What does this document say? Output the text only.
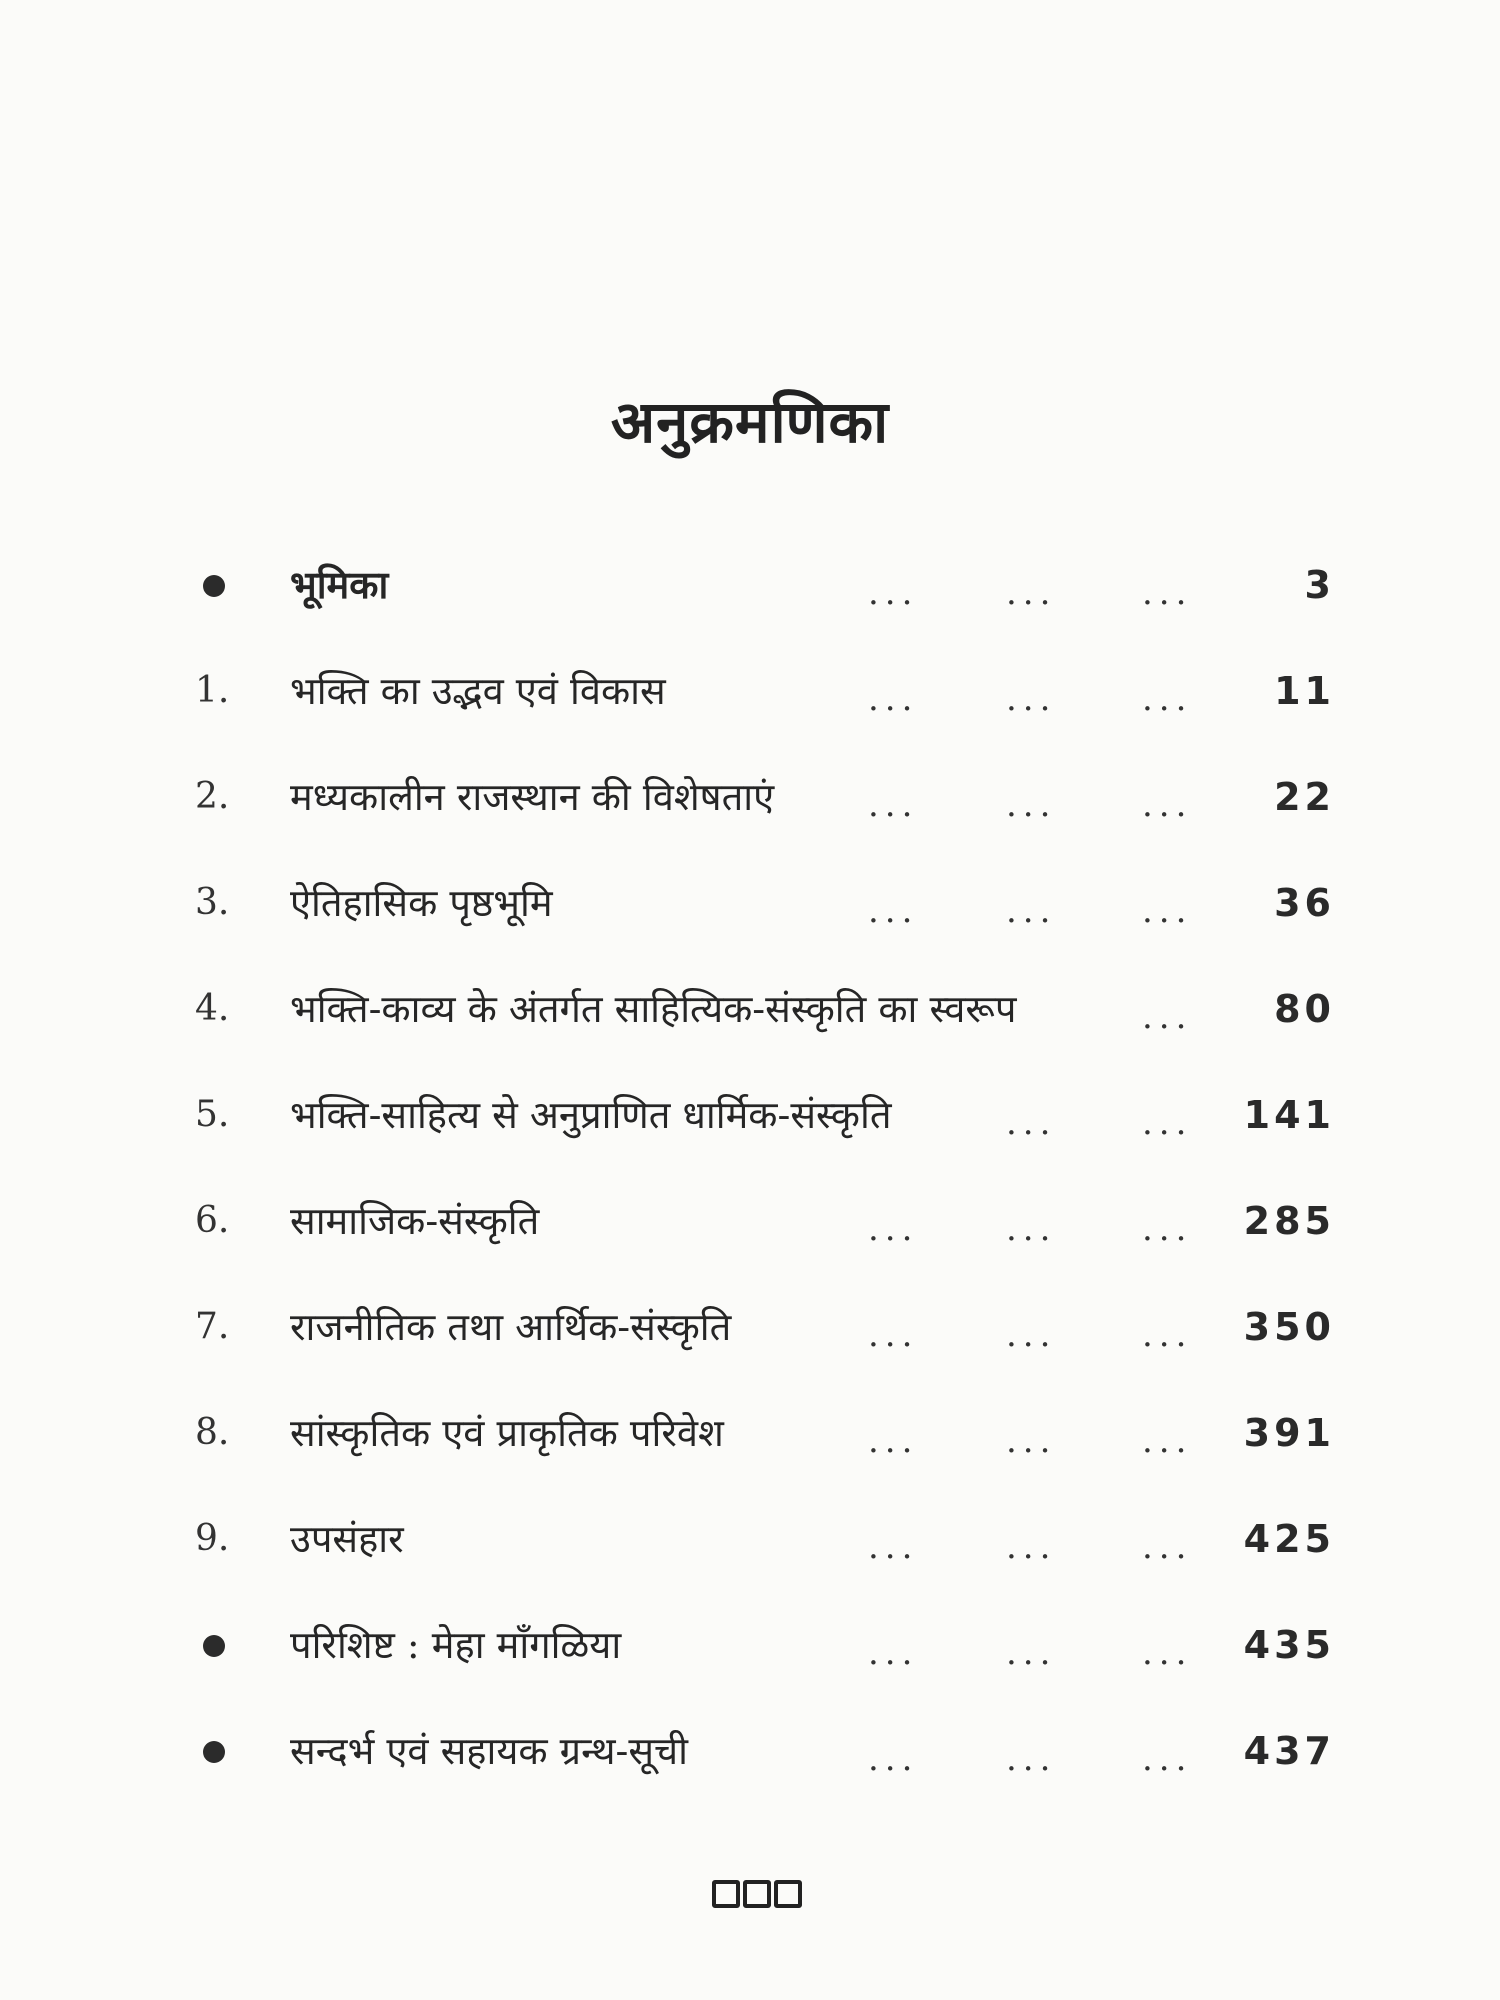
अनुक्रमणिका
भूमिका	...	...	...	3
1.	भक्ति का उद्भव एवं विकास	...	...	... 11
2.	मध्यकालीन राजस्थान की विशेषताएं	...	...	... 22
3.	ऐतिहासिक पृष्ठभूमि	...	...	... 36
4.	भक्ति-काव्य के अंतर्गत साहित्यिक-संस्कृति का स्वरूप	... 80
5.	भक्ति-साहित्य से अनुप्राणित धार्मिक-संस्कृति	...	... 141
6.	सामाजिक-संस्कृति	...	...	... 285
7.	राजनीतिक तथा आर्थिक-संस्कृति	...	...	... 350
8.	सांस्कृतिक एवं प्राकृतिक परिवेश	...	...	... 391
9.	उपसंहार	...	...	... 425
परिशिष्ट : मेहा माँगळिया	...	...	... 435
सन्दर्भ एवं सहायक ग्रन्थ-सूची	...	...	... 437
